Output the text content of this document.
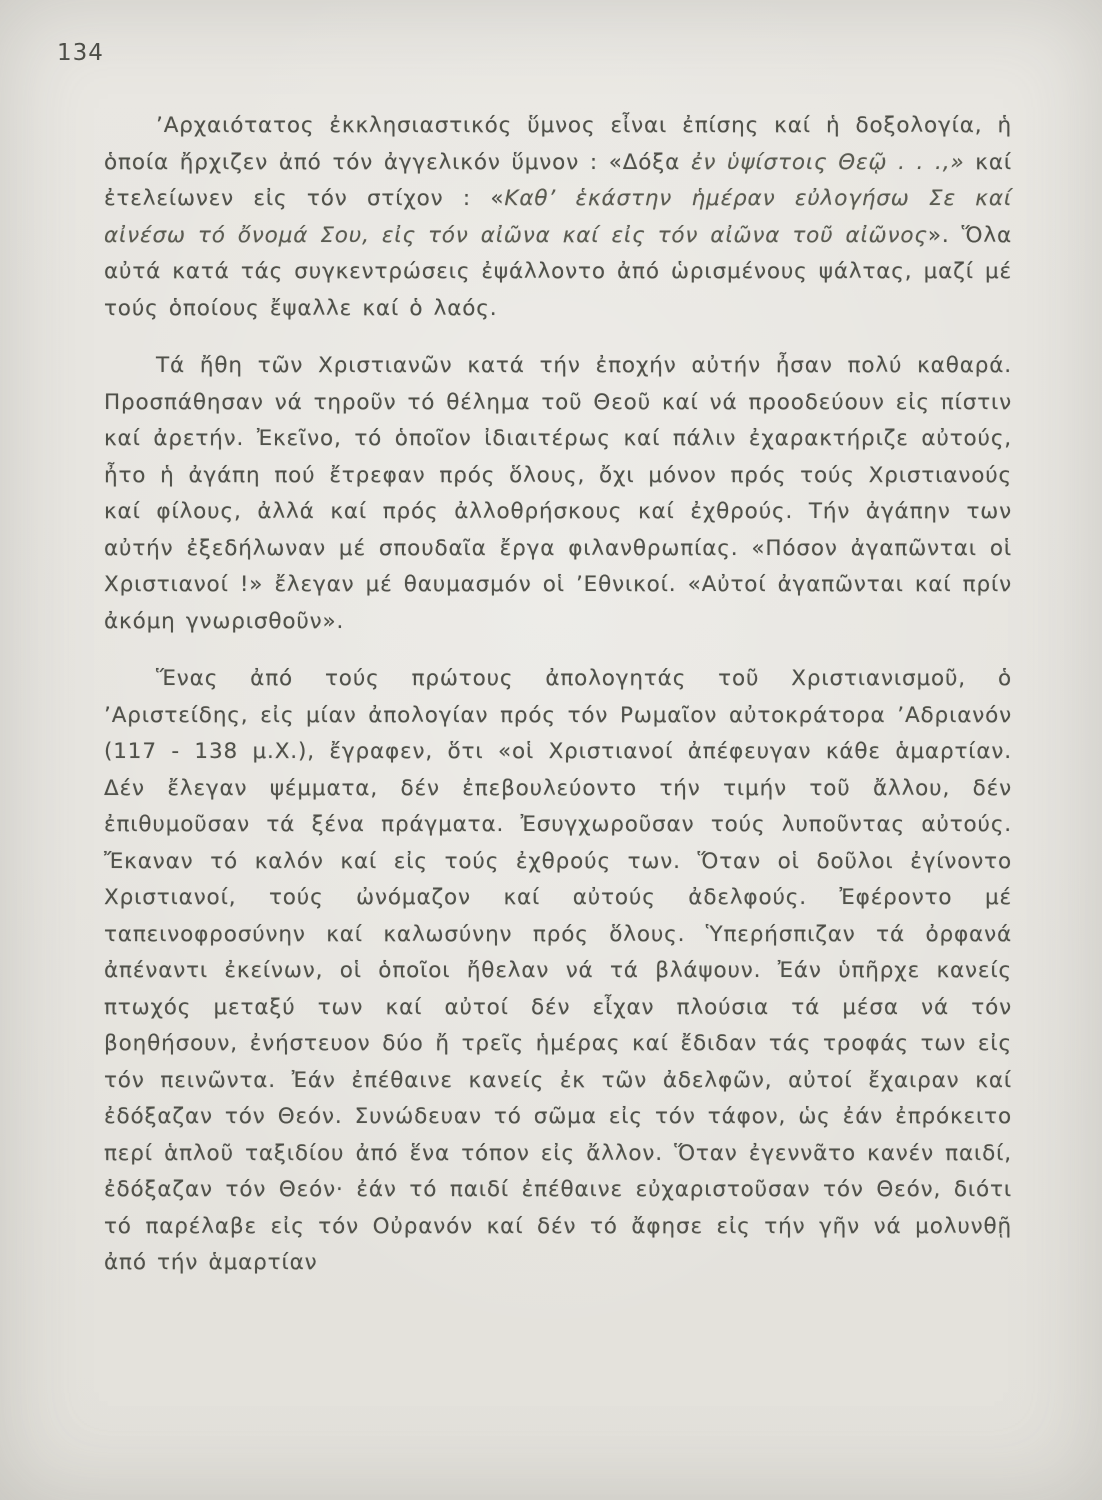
134

’Αρχαιότατος ἐκκλησιαστικός ὕμνος εἶναι ἐπίσης καί ἡ δοξολογία, ἡ ὁποία ἤρχιζεν ἀπό τόν ἀγγελικόν ὕμνον : «Δόξα ἐν ὑψίστοις Θεῷ . . .,» καί ἐτελείωνεν εἰς τόν στίχον : «Καθ’ ἑκάστην ἡμέραν εὐλογήσω Σε καί αἰνέσω τό ὄνομά Σου, εἰς τόν αἰῶνα καί εἰς τόν αἰῶνα τοῦ αἰῶνος». Ὅλα αὐτά κατά τάς συγκεντρώσεις ἐψάλλοντο ἀπό ὡρισμένους ψάλτας, μαζί μέ τούς ὁποίους ἔψαλλε καί ὁ λαός.

Τά ἤθη τῶν Χριστιανῶν κατά τήν ἐποχήν αὐτήν ἦσαν πολύ καθαρά. Προσπάθησαν νά τηροῦν τό θέλημα τοῦ Θεοῦ καί νά προοδεύουν εἰς πίστιν καί ἀρετήν. Ἐκεῖνο, τό ὁποῖον ἰδιαιτέρως καί πάλιν ἐχαρακτήριζε αὐτούς, ἦτο ἡ ἀγάπη πού ἔτρεφαν πρός ὅλους, ὄχι μόνον πρός τούς Χριστιανούς καί φίλους, ἀλλά καί πρός ἀλλοθρήσκους καί ἐχθρούς. Τήν ἀγάπην των αὐτήν ἐξεδήλωναν μέ σπουδαῖα ἔργα φιλανθρωπίας. «Πόσον ἀγαπῶνται οἱ Χριστιανοί !» ἔλεγαν μέ θαυμασμόν οἱ ’Εθνικοί. «Αὐτοί ἀγαπῶνται καί πρίν ἀκόμη γνωρισθοῦν».

Ἕνας ἀπό τούς πρώτους ἀπολογητάς τοῦ Χριστιανισμοῦ, ὁ ’Αριστείδης, εἰς μίαν ἀπολογίαν πρός τόν Ρωμαῖον αὐτοκράτορα ’Αδριανόν (117 - 138 μ.Χ.), ἔγραφεν, ὅτι «οἱ Χριστιανοί ἀπέφευγαν κάθε ἁμαρτίαν. Δέν ἔλεγαν ψέμματα, δέν ἐπεβουλεύοντο τήν τιμήν τοῦ ἄλλου, δέν ἐπιθυμοῦσαν τά ξένα πράγματα. Ἐσυγχωροῦσαν τούς λυποῦντας αὐτούς. Ἔκαναν τό καλόν καί εἰς τούς ἐχθρούς των. Ὅταν οἱ δοῦλοι ἐγίνοντο Χριστιανοί, τούς ὠνόμαζον καί αὐτούς ἀδελφούς. Ἐφέροντο μέ ταπεινοφροσύνην καί καλωσύνην πρός ὅλους. Ὑπερήσπιζαν τά ὀρφανά ἀπέναντι ἐκείνων, οἱ ὁποῖοι ἤθελαν νά τά βλάψουν. Ἐάν ὑπῆρχε κανείς πτωχός μεταξύ των καί αὐτοί δέν εἶχαν πλούσια τά μέσα νά τόν βοηθήσουν, ἐνήστευον δύο ἤ τρεῖς ἡμέρας καί ἔδιδαν τάς τροφάς των εἰς τόν πεινῶντα. Ἐάν ἐπέθαινε κανείς ἐκ τῶν ἀδελφῶν, αὐτοί ἔχαιραν καί ἐδόξαζαν τόν Θεόν. Συνώδευαν τό σῶμα εἰς τόν τάφον, ὡς ἐάν ἐπρόκειτο περί ἁπλοῦ ταξιδίου ἀπό ἕνα τόπον εἰς ἄλλον. Ὅταν ἐγεννᾶτο κανέν παιδί, ἐδόξαζαν τόν Θεόν· ἐάν τό παιδί ἐπέθαινε εὐχαριστοῦσαν τόν Θεόν, διότι τό παρέλαβε εἰς τόν Οὐρανόν καί δέν τό ἄφησε εἰς τήν γῆν νά μολυνθῇ ἀπό τήν ἁμαρτίαν
